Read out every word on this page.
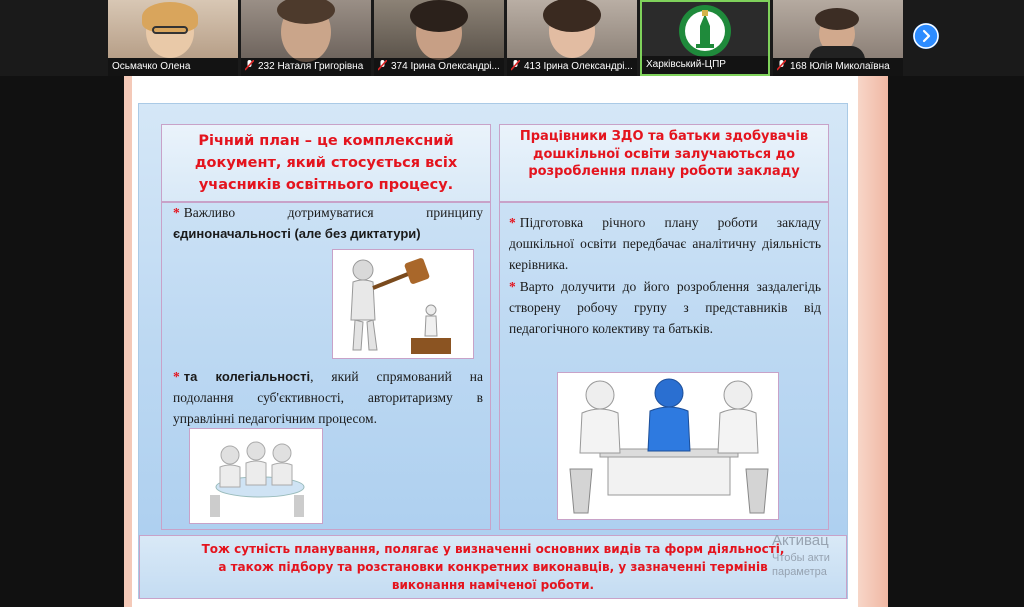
Осьмачко Олена	232 Наталя Григорівна	374 Ірина Олександрі...	413 Ірина Олександрі...	Харківський-ЦПР	168 Юлія Миколаївна
Річний план – це комплексний документ, який стосується всіх учасників освітнього процесу.
* Важливо дотримуватися принципу єдиноначальності (але без диктатури)
* та колегіальності, який спрямований на подолання суб'єктивності, авторитаризму в управлінні педагогічним процесом.
Працівники ЗДО та батьки здобувачів дошкільної освіти залучаються до розроблення плану роботи закладу
* Підготовка річного плану роботи закладу дошкільної освіти передбачає аналітичну діяльність керівника.
* Варто долучити до його розроблення заздалегідь створену робочу групу з представників від педагогічного колективу та батьків.
Тож сутність планування, полягає у визначенні основних видів та форм діяльності, а також підбору та розстановки конкретних виконавців, у зазначенні термінів виконання наміченої роботи.
Активац
Чтобы акти
параметра
